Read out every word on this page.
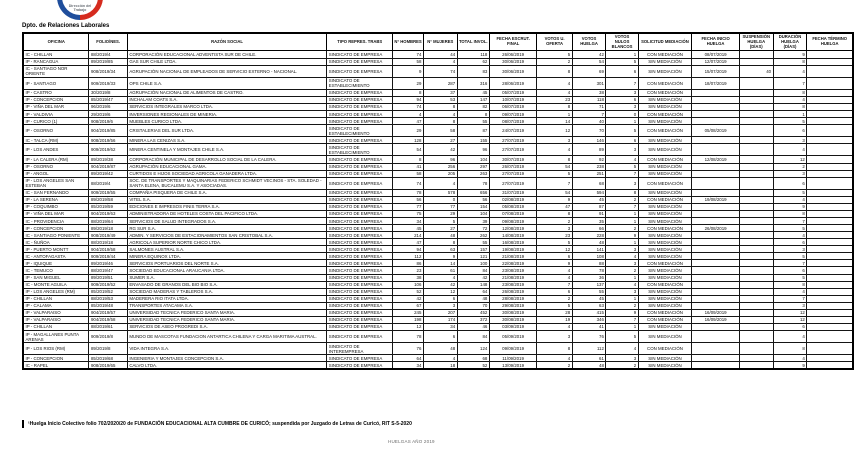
Dirección del
Trabajo
Dpto. de Relaciones Laborales
OFICINA	FOLIO/NES.	RAZÓN SOCIAL	TIPO REPRES. TRABS	N° HOMBRES	N° MUJERES	TOTAL INVOL.	FECHA ESCRUT. FINAL	VOTOS U. OFERTA	VOTOS HUELGA	VOTOS NULOS BLANCOS	SOLICITUD MEDIACIÓN	FECHA INICIO HUELGA	SUSPENSIÓN HUELGA (DÍAS)	DURACIÓN HUELGA (DÍAS)	FECHA TÉRMINO HUELGA
IC - CHILLAN	88/2019/4	CORPORACIÓN EDUCACIONAL ADVENTISTA SUR DE CHILE.	SINDICATO DE EMPRESA	74	44	118	26/06/2019	5	42	1	CON MEDIACIÓN	08/07/2019		9	
IP - RANCAGUA	89/2019/85	GAS SUR CHILE LTDA.	SINDICATO DE EMPRESA	58	4	62	30/06/2019	2	54	5	SIN MEDIACIÓN	12/07/2019		8	
IC - SANTIAGO NOR ORIENTE	908/2019/34	AGRUPACIÓN NACIONAL DE EMPLEADOS DE SERVICIO EXTERNO - NACIONAL.	SINDICATO DE EMPRESA	9	74	83	30/06/2019	8	69	6	SIN MEDIACIÓN	15/07/2019	40	4	
IP - SANTIAGO	909/2019/33	OPS CHILE S.A.	SINDICATO DE ESTABLECIMIENTO	29	287	316	28/06/2019	4	301	7	CON MEDIACIÓN	18/07/2019		7	
IP - CASTRO	30/2019/8	AGRUPACIÓN NACIONAL DE ALIMENTOS DE CASTRO.	SINDICATO DE EMPRESA	8	37	45	05/07/2019	4	38	3	CON MEDIACIÓN			8	
IP - CONCEPCION	85/2019/47	INCHALAM COATS S.A.	SINDICATO DE EMPRESA	94	53	147	10/07/2019	23	118	6	SIN MEDIACIÓN			4	
IP - VIÑA DEL MAR	96/2019/6	SERVICIOS INTEGRALES MARCO LTDA.	SINDICATO DE EMPRESA	74	8	82	06/07/2019	8	71	3	SIN MEDIACIÓN			8	
IP - VALDIVIA	29/2019/6	INVERSIONES REGIONALES DE MINERIA.	SINDICATO DE EMPRESA	4	4	8	09/07/2019	1	7	0	CON MEDIACIÓN			1	
IP - CURICO (1)	908/2019/6	MUEBLES CURICO LTDA.	SINDICATO DE EMPRESA	47	8	55	08/07/2019	14	40	1	SIN MEDIACIÓN			5	
IP - OSORNO	904/2019/85	CRISTALERIAS DEL SUR LTDA.	SINDICATO DE ESTABLECIMIENTO	29	58	87	24/07/2019	12	70	5	CON MEDIACIÓN	05/08/2019		6	
IC - TALCA (RM)	908/2019/56	MINERA LAS CENIZAS S.A.	SINDICATO DE EMPRESA	128	27	155	27/07/2019	3	146	6	SIN MEDIACIÓN			3	
IP - LOS ANDES	909/2019/62	MINERA CENTINELA Y MONTAJES CHILE S.A.	SINDICATO DE ESTABLECIMIENTO	54	42	96	27/07/2019	4	89	3	SIN MEDIACIÓN			4	
IP - LA CALERA (RM)	89/2019/38	CORPORACIÓN MUNICIPAL DE DESARROLLO SOCIAL DE LA CALERA.	SINDICATO DE EMPRESA	8	96	104	30/07/2019	8	92	4	CON MEDIACIÓN	12/08/2019		12	
IP - OSORNO	904/2019/87	AGRUPACIÓN EDUCACIONAL GAMA.	SINDICATO DE EMPRESA	41	256	297	26/07/2019	54	238	5	SIN MEDIACIÓN			2	
IP - ANGOL	89/2019/42	CURTIDOS E HIJOS SOCIEDAD AGRICOLA GANADERA LTDA.	SINDICATO DE EMPRESA	58	205	263	27/07/2019	5	251	7	SIN MEDIACIÓN			3	
IP - LOS ANGELES SAN ESTEBAN	88/2019/4	SOC. DE TRANSPORTES Y MAQUINARIAS FEDERICO SCHMIDT VECINOS - STA. SOLEDAD - SANTA ELENA, BUCALEMU S.A. Y ASOCIADAS.	SINDICATO DE EMPRESA	74	4	78	27/07/2019	7	68	3	CON MEDIACIÓN			6	
IC - SAN FERNANDO	909/2019/55	COMPAÑIA PISQUERA DE CHILE S.A.	SINDICATO DE EMPRESA	78	578	656	31/07/2019	54	594	8	SIN MEDIACIÓN			5	
IP - LA SERENA	89/2019/58	VITEL S.A.	SINDICATO DE EMPRESA	56	0	56	02/08/2019	9	45	2	CON MEDIACIÓN	19/08/2019		4	
IP - COQUIMBO	85/2019/59	EDICIONES E IMPRESOS FINIS TERRA S.A.	SINDICATO DE EMPRESA	77	77	154	05/08/2019	47	87	7	SIN MEDIACIÓN			9	
IP - VIÑA DEL MAR	904/2019/63	ADMINISTRADORA DE HOTELES COSTA DEL PACIFICO LTDA.	SINDICATO DE EMPRESA	75	29	104	07/08/2019	8	91	1	SIN MEDIACIÓN			8	
IC - PROVIDENCIA	88/2019/64	SERVICIOS DE SALUD INTEGRADOS S.A.	SINDICATO DE EMPRESA	34	5	39	09/08/2019	2	35	1	SIN MEDIACIÓN			7	
IP - CONCEPCION	89/2019/18	RG SUR S.A.	SINDICATO DE EMPRESA	45	27	72	12/08/2019	3	66	2	CON MEDIACIÓN	26/08/2019		5	
IC - SANTIAGO PONIENTE	908/2019/49	ADMIN. Y SERVICIOS DE ESTACIONAMIENTOS SAN CRISTOBAL S.A.	SINDICATO DE EMPRESA	214	48	262	14/08/2019	23	228	9	SIN MEDIACIÓN			4	
IC - ÑUÑOA	88/2019/18	AGRICOLA SUPERIOR NORTE CHICO LTDA.	SINDICATO DE EMPRESA	47	8	55	16/08/2019	5	48	1	SIN MEDIACIÓN			6	
IP - PUERTO MONTT	904/2019/58	SALMONES AUSTRAL S.A.	SINDICATO DE EMPRESA	94	63	157	19/08/2019	12	141	3	SIN MEDIACIÓN			3	
IC - ANTOFAGASTA	909/2019/44	MINERA EQUINOX LTDA.	SINDICATO DE EMPRESA	112	9	121	21/08/2019	6	108	4	SIN MEDIACIÓN			5	
IP - IQUIQUE	89/2019/46	SERVICIOS PORTUARIOS DEL NORTE S.A.	SINDICATO DE EMPRESA	86	14	100	22/08/2019	9	88	3	CON MEDIACIÓN			7	
IC - TEMUCO	88/2019/47	SOCIEDAD EDUCACIONAL ARAUCANIA LTDA.	SINDICATO DE EMPRESA	23	61	84	23/08/2019	4	78	2	SIN MEDIACIÓN			6	
IP - SAN MIGUEL	89/2019/51	SUMER S.A.	SINDICATO DE EMPRESA	38	4	42	21/08/2019	4	36	1	SIN MEDIACIÓN			5	
IC - MONTE AGUILA	909/2019/52	ENVASADO DE GRANOS DEL BIO BIO S.A.	SINDICATO DE EMPRESA	106	42	148	23/08/2019	7	137	4	CON MEDIACIÓN			8	
IP - LOS ANGELES (RM)	85/2019/52	SOCIEDAD MADERAS Y TABLEROS S.A.	SINDICATO DE EMPRESA	52	12	64	26/08/2019	6	55	3	SIN MEDIACIÓN			4	
IP - CHILLAN	88/2019/53	MADERERA RIO ITATA LTDA.	SINDICATO DE EMPRESA	42	6	48	28/08/2019	2	45	1	SIN MEDIACIÓN			7	
IP - CALAMA	85/2019/48	TRANSPORTES ATACAMA S.A.	SINDICATO DE EMPRESA	67	3	70	29/08/2019	5	63	2	SIN MEDIACIÓN			3	
IP - VALPARAISO	904/2019/57	UNIVERSIDAD TECNICA FEDERICO SANTA MARIA.	SINDICATO DE EMPRESA	245	207	452	30/08/2019	28	415	9	CON MEDIACIÓN	16/09/2019		12	
IP - VALPARAISO	904/2019/58	UNIVERSIDAD TECNICA FEDERICO SANTA MARIA.	SINDICATO DE EMPRESA	198	174	372	30/08/2019	19	346	7	CON MEDIACIÓN	16/09/2019		12	
IP - CHILLAN	88/2019/61	SERVICIOS DE ASEO PROGREDI S.A.	SINDICATO DE EMPRESA	12	34	46	03/09/2019	4	41	1	SIN MEDIACIÓN			6	
IP - MAGALLANES PUNTA ARENAS	909/2019/8	MUNDO DE MASCOTAS FUNDACION ANTARTICA CHILENA Y CARGA MARITIMA AUSTRAL.	SINDICATO DE EMPRESA	78	6	84	05/09/2019	3	76	5	SIN MEDIACIÓN			4	
IP - LOS RIOS (RM)	89/2019/8	VIDA INTEGRA S.A.	SINDICATO DE INTEREMPRESA	76	48	124	09/09/2019	8	112	4	CON MEDIACIÓN			8	
IP - CONCEPCION	85/2019/68	INGENIERIA Y MONTAJES CONCEPCION S.A.	SINDICATO DE EMPRESA	64	4	68	11/09/2019	4	61	3	SIN MEDIACIÓN			4	
IC - RAPEL	908/2019/65	CALVO LTDA.	SINDICATO DE EMPRESA	34	18	52	13/09/2019	2	48	2	SIN MEDIACIÓN			9	
¹Huelga Inicio Colectivo folio 702/2020/20 de FUNDACIÓN EDUCACIONAL ALTA CUMBRE DE CURICÓ; suspendida por Juzgado de Letras de Curicó, RIT S-5-2020
HUELGAS AÑO 2019
